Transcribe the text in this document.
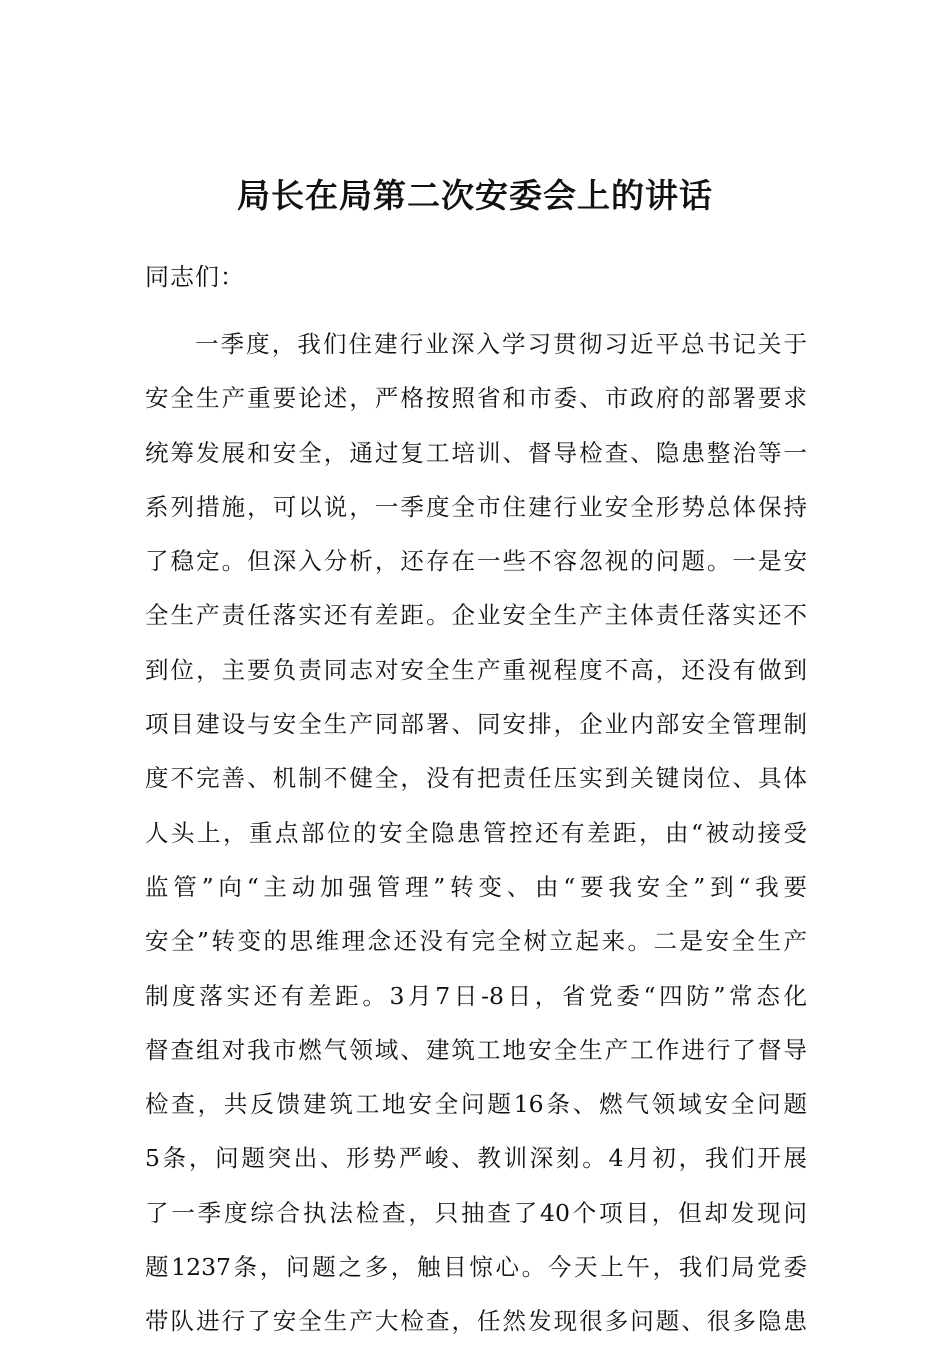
局长在局第二次安委会上的讲话

同志们：

一季度，我们住建行业深入学习贯彻习近平总书记关于
安全生产重要论述，严格按照省和市委、市政府的部署要求
统筹发展和安全，通过复工培训、督导检查、隐患整治等一
系列措施，可以说，一季度全市住建行业安全形势总体保持
了稳定。但深入分析，还存在一些不容忽视的问题。一是安
全生产责任落实还有差距。企业安全生产主体责任落实还不
到位，主要负责同志对安全生产重视程度不高，还没有做到
项目建设与安全生产同部署、同安排，企业内部安全管理制
度不完善、机制不健全，没有把责任压实到关键岗位、具体
人头上，重点部位的安全隐患管控还有差距，由“被动接受
监管”向“主动加强管理”转变、由“要我安全”到“我要
安全”转变的思维理念还没有完全树立起来。二是安全生产
制度落实还有差距。3月7日-8日，省党委“四防”常态化
督查组对我市燃气领域、建筑工地安全生产工作进行了督导
检查，共反馈建筑工地安全问题16条、燃气领域安全问题
5条，问题突出、形势严峻、教训深刻。4月初，我们开展
了一季度综合执法检查，只抽查了40个项目，但却发现问
题1237条，问题之多，触目惊心。今天上午，我们局党委
带队进行了安全生产大检查，任然发现很多问题、很多隐患
